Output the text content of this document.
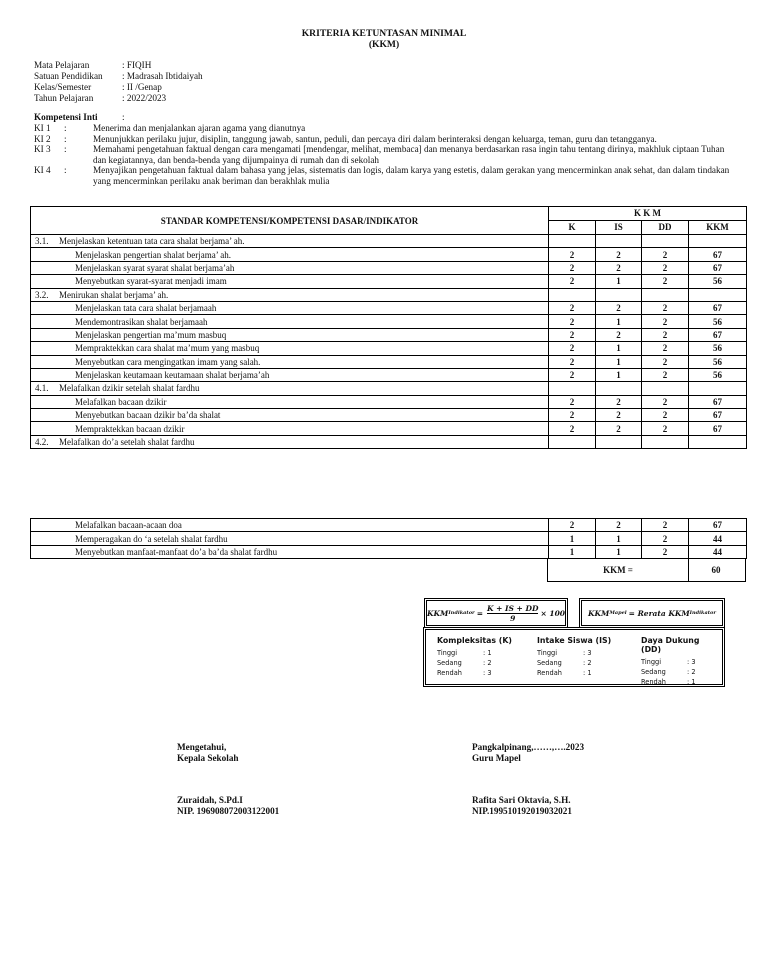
KRITERIA KETUNTASAN MINIMAL
(KKM)
Mata Pelajaran	: FIQIH
Satuan Pendidikan : Madrasah Ibtidaiyah
Kelas/Semester	: II /Genap
Tahun Pelajaran	: 2022/2023
Kompetensi Inti	:
KI 1 :	Menerima dan menjalankan ajaran agama yang dianutnya
KI 2 :	Menunjukkan perilaku jujur, disiplin, tanggung jawab, santun, peduli, dan percaya diri dalam berinteraksi dengan keluarga, teman, guru dan tetangganya.
KI 3 :	Memahami pengetahuan faktual dengan cara mengamati [mendengar, melihat, membaca] dan menanya berdasarkan rasa ingin tahu tentang dirinya, makhluk ciptaan Tuhan dan kegiatannya, dan benda-benda yang dijumpainya di rumah dan di sekolah
KI 4 :	Menyajikan pengetahuan faktual dalam bahasa yang jelas, sistematis dan logis, dalam karya yang estetis, dalam gerakan yang mencerminkan anak sehat, dan dalam tindakan yang mencerminkan perilaku anak beriman dan berakhlak mulia
STANDAR KOMPETENSI/KOMPETENSI DASAR/INDIKATOR	K K M			
	K	IS	DD	KKM
3.1. Menjelaskan ketentuan tata cara shalat berjama’ ah.				
Menjelaskan pengertian shalat berjama’ ah.	2	2	2	67
Menjelaskan syarat syarat shalat berjama’ah	2	2	2	67
Menyebutkan syarat-syarat menjadi imam	2	1	2	56
3.2. Menirukan shalat berjama’ ah.				
Menjelaskan tata cara shalat berjamaah	2	2	2	67
Mendemontrasikan shalat berjamaah	2	1	2	56
Menjelaskan pengertian ma’mum masbuq	2	2	2	67
Mempraktekkan cara shalat ma’mum yang masbuq	2	1	2	56
Menyebutkan cara mengingatkan imam yang salah.	2	1	2	56
Menjelaskan keutamaan keutamaan shalat berjama’ah	2	1	2	56
4.1. Melafalkan dzikir setelah shalat fardhu				
Melafalkan bacaan dzikir	2	2	2	67
Menyebutkan bacaan dzikir ba’da shalat	2	2	2	67
Mempraktekkan bacaan dzikir	2	2	2	67
4.2. Melafalkan do’a setelah shalat fardhu				
Melafalkan bacaan-acaan doa	2	2	2	67
Memperagakan do ‘a setelah shalat fardhu	1	1	2	44
Menyebutkan manfaat-manfaat do’a ba’da shalat fardhu	1	1	2	44
KKM =	60
KKM Indikator = $\frac{K + IS + DD}{9} \times 100$	KKM Mapel = Rerata KKM Indikator
Kompleksitas (K)
Tinggi	: 1
Sedang	: 2
Rendah	: 3
Intake Siswa (IS)
Tinggi	: 3
Sedang	: 2
Rendah	: 1
Daya Dukung (DD)
Tinggi	: 3
Sedang	: 2
Rendah	: 1
Mengetahui,
Kepala Sekolah
Zuraidah, S.Pd.I
NIP. 196908072003122001
Pangkalpinang,……,….2023
Guru Mapel
Rafita Sari Oktavia, S.H.
NIP.199510192019032021
